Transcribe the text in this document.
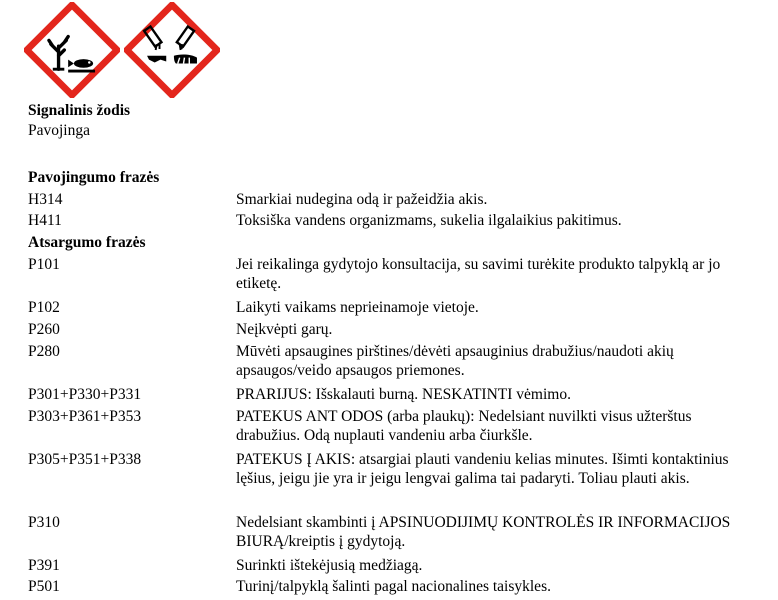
Signalinis žodis
Pavojinga
Pavojingumo frazės
H314	Smarkiai nudegina odą ir pažeidžia akis.
H411	Toksiška vandens organizmams, sukelia ilgalaikius pakitimus.
Atsargumo frazės
P101	Jei reikalinga gydytojo konsultacija, su savimi turėkite produkto talpyklą ar jo etiketę.
P102	Laikyti vaikams neprieinamoje vietoje.
P260	Neįkvėpti garų.
P280	Mūvėti apsaugines pirštines/dėvėti apsauginius drabužius/naudoti akių apsaugos/veido apsaugos priemones.
P301+P330+P331	PRARIJUS: Išskalauti burną. NESKATINTI vėmimo.
P303+P361+P353	PATEKUS ANT ODOS (arba plaukų): Nedelsiant nuvilkti visus užterštus drabužius. Odą nuplauti vandeniu arba čiurkšle.
P305+P351+P338	PATEKUS Į AKIS: atsargiai plauti vandeniu kelias minutes. Išimti kontaktinius lęšius, jeigu jie yra ir jeigu lengvai galima tai padaryti. Toliau plauti akis.
P310	Nedelsiant skambinti į APSINUODIJIMŲ KONTROLĖS IR INFORMACIJOS BIURĄ/kreiptis į gydytoją.
P391	Surinkti ištekėjusią medžiagą.
P501	Turinį/talpyklą šalinti pagal nacionalines taisykles.
